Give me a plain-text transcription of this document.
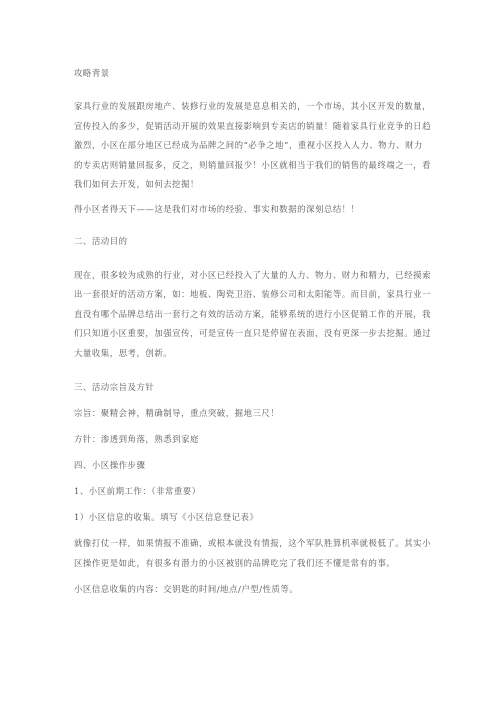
攻略背景

家具行业的发展跟房地产、装修行业的发展是息息相关的，一个市场，其小区开发的数量，

宣传投入的多少，促销活动开展的效果直接影响到专卖店的销量！随着家具行业竞争的日趋

激烈，小区在部分地区已经成为品牌之间的“必争之地”，重视小区投入人力、物力、财力

的专卖店则销量回报多，反之，则销量回报少！小区就相当于我们的销售的最终端之一，看

我们如何去开发，如何去挖掘！

得小区者得天下——这是我们对市场的经验、事实和数据的深刻总结！！

二、活动目的

现在，很多较为成熟的行业，对小区已经投入了大量的人力、物力、财力和精力，已经摸索

出一套很好的活动方案，如：地板、陶瓷卫浴、装修公司和太阳能等。而目前，家具行业一

直没有哪个品牌总结出一套行之有效的活动方案，能够系统的进行小区促销工作的开展，我

们只知道小区重要，加强宣传，可是宣传一直只是停留在表面，没有更深一步去挖掘。通过

大量收集，思考，创新。

三、活动宗旨及方针

宗旨：聚精会神，精确制导，重点突破，掘地三尺！

方针：渗透到角落，熟悉到家庭

四、小区操作步骤

1、小区前期工作：（非常重要）

1）小区信息的收集。填写《小区信息登记表》

就像打仗一样，如果情报不准确，或根本就没有情报，这个军队胜算机率就极低了。其实小

区操作更是如此，有很多有潜力的小区被别的品牌吃完了我们还不懂是常有的事。

小区信息收集的内容：交钥匙的时间/地点/户型/性质等。
